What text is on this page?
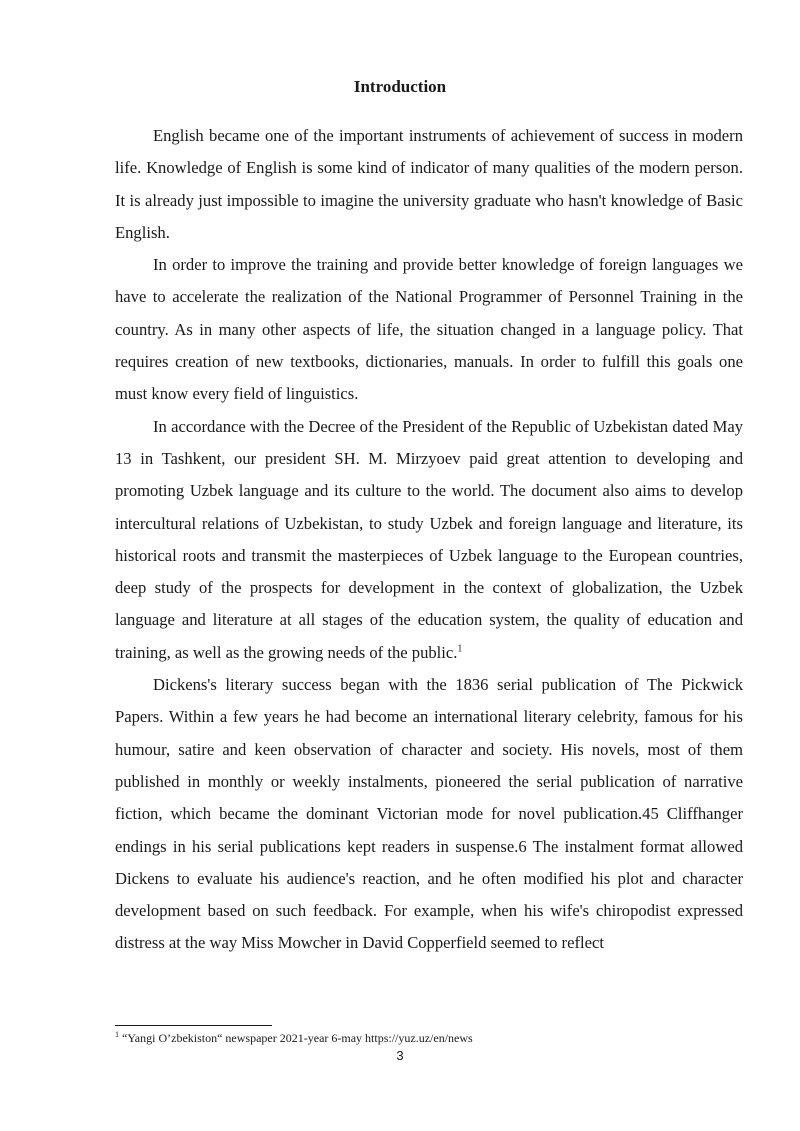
Introduction

English became one of the important instruments of achievement of success in modern life. Knowledge of English is some kind of indicator of many qualities of the modern person. It is already just impossible to imagine the university graduate who hasn't knowledge of Basic English.

In order to improve the training and provide better knowledge of foreign languages we have to accelerate the realization of the National Programmer of Personnel Training in the country. As in many other aspects of life, the situation changed in a language policy. That requires creation of new textbooks, dictionaries, manuals. In order to fulfill this goals one must know every field of linguistics.

In accordance with the Decree of the President of the Republic of Uzbekistan dated May 13 in Tashkent, our president SH. M. Mirzyoev paid great attention to developing and promoting Uzbek language and its culture to the world. The document also aims to develop intercultural relations of Uzbekistan, to study Uzbek and foreign language and literature, its historical roots and transmit the masterpieces of Uzbek language to the European countries, deep study of the prospects for development in the context of globalization, the Uzbek language and literature at all stages of the education system, the quality of education and training, as well as the growing needs of the public.$^1$

Dickens's literary success began with the 1836 serial publication of The Pickwick Papers. Within a few years he had become an international literary celebrity, famous for his humour, satire and keen observation of character and society. His novels, most of them published in monthly or weekly instalments, pioneered the serial publication of narrative fiction, which became the dominant Victorian mode for novel publication.45 Cliffhanger endings in his serial publications kept readers in suspense.6 The instalment format allowed Dickens to evaluate his audience's reaction, and he often modified his plot and character development based on such feedback. For example, when his wife's chiropodist expressed distress at the way Miss Mowcher in David Copperfield seemed to reflect

$^1$ “Yangi O’zbekiston“ newspaper 2021-year 6-may https://yuz.uz/en/news
3
